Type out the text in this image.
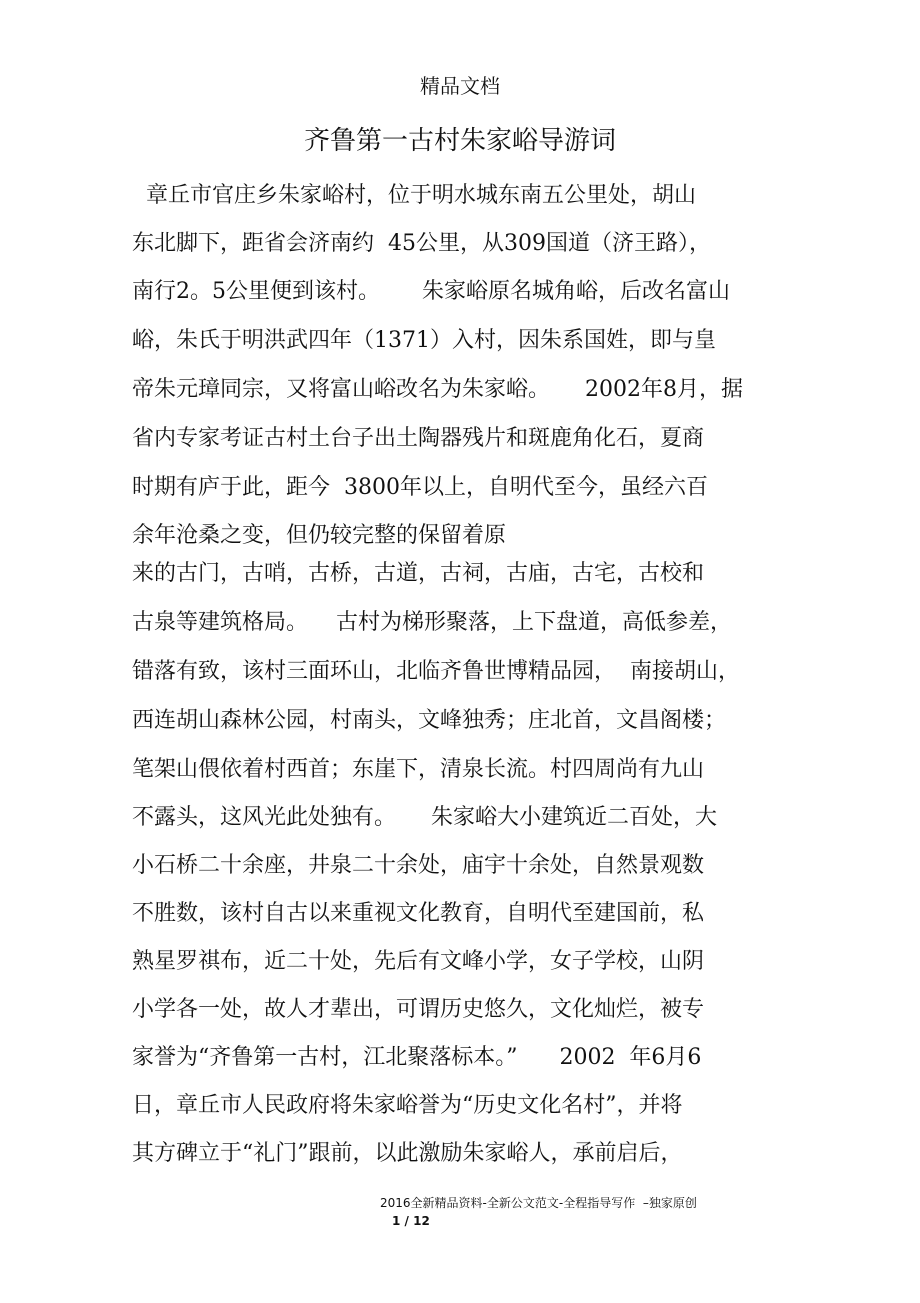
精品文档
齐鲁第一古村朱家峪导游词
章丘市官庄乡朱家峪村，位于明水城东南五公里处，胡山
东北脚下，距省会济南约  45公里，从309国道（济王路），
南行2。5公里便到该村。      朱家峪原名城角峪，后改名富山
峪，朱氏于明洪武四年（1371）入村，因朱系国姓，即与皇
帝朱元璋同宗，又将富山峪改名为朱家峪。     2002年8月，据
省内专家考证古村土台子出土陶器残片和斑鹿角化石，夏商
时期有庐于此，距今  3800年以上，自明代至今，虽经六百
余年沧桑之变，但仍较完整的保留着原
来的古门，古哨，古桥，古道，古祠，古庙，古宅，古校和
古泉等建筑格局。    古村为梯形聚落，上下盘道，高低参差，
错落有致，该村三面环山，北临齐鲁世博精品园，  南接胡山，
西连胡山森林公园，村南头，文峰独秀；庄北首，文昌阁楼；
笔架山偎依着村西首；东崖下，清泉长流。村四周尚有九山
不露头，这风光此处独有。     朱家峪大小建筑近二百处，大
小石桥二十余座，井泉二十余处，庙宇十余处，自然景观数
不胜数，该村自古以来重视文化教育，自明代至建国前，私
熟星罗祺布，近二十处，先后有文峰小学，女子学校，山阴
小学各一处，故人才辈出，可谓历史悠久，文化灿烂，被专
家誉为“齐鲁第一古村，江北聚落标本。”      2002  年6月6
日，章丘市人民政府将朱家峪誉为“历史文化名村”，并将
其方碑立于“礼门”跟前，以此激励朱家峪人，承前启后，
2016全新精品资料-全新公文范文-全程指导写作  –独家原创
1 / 12
